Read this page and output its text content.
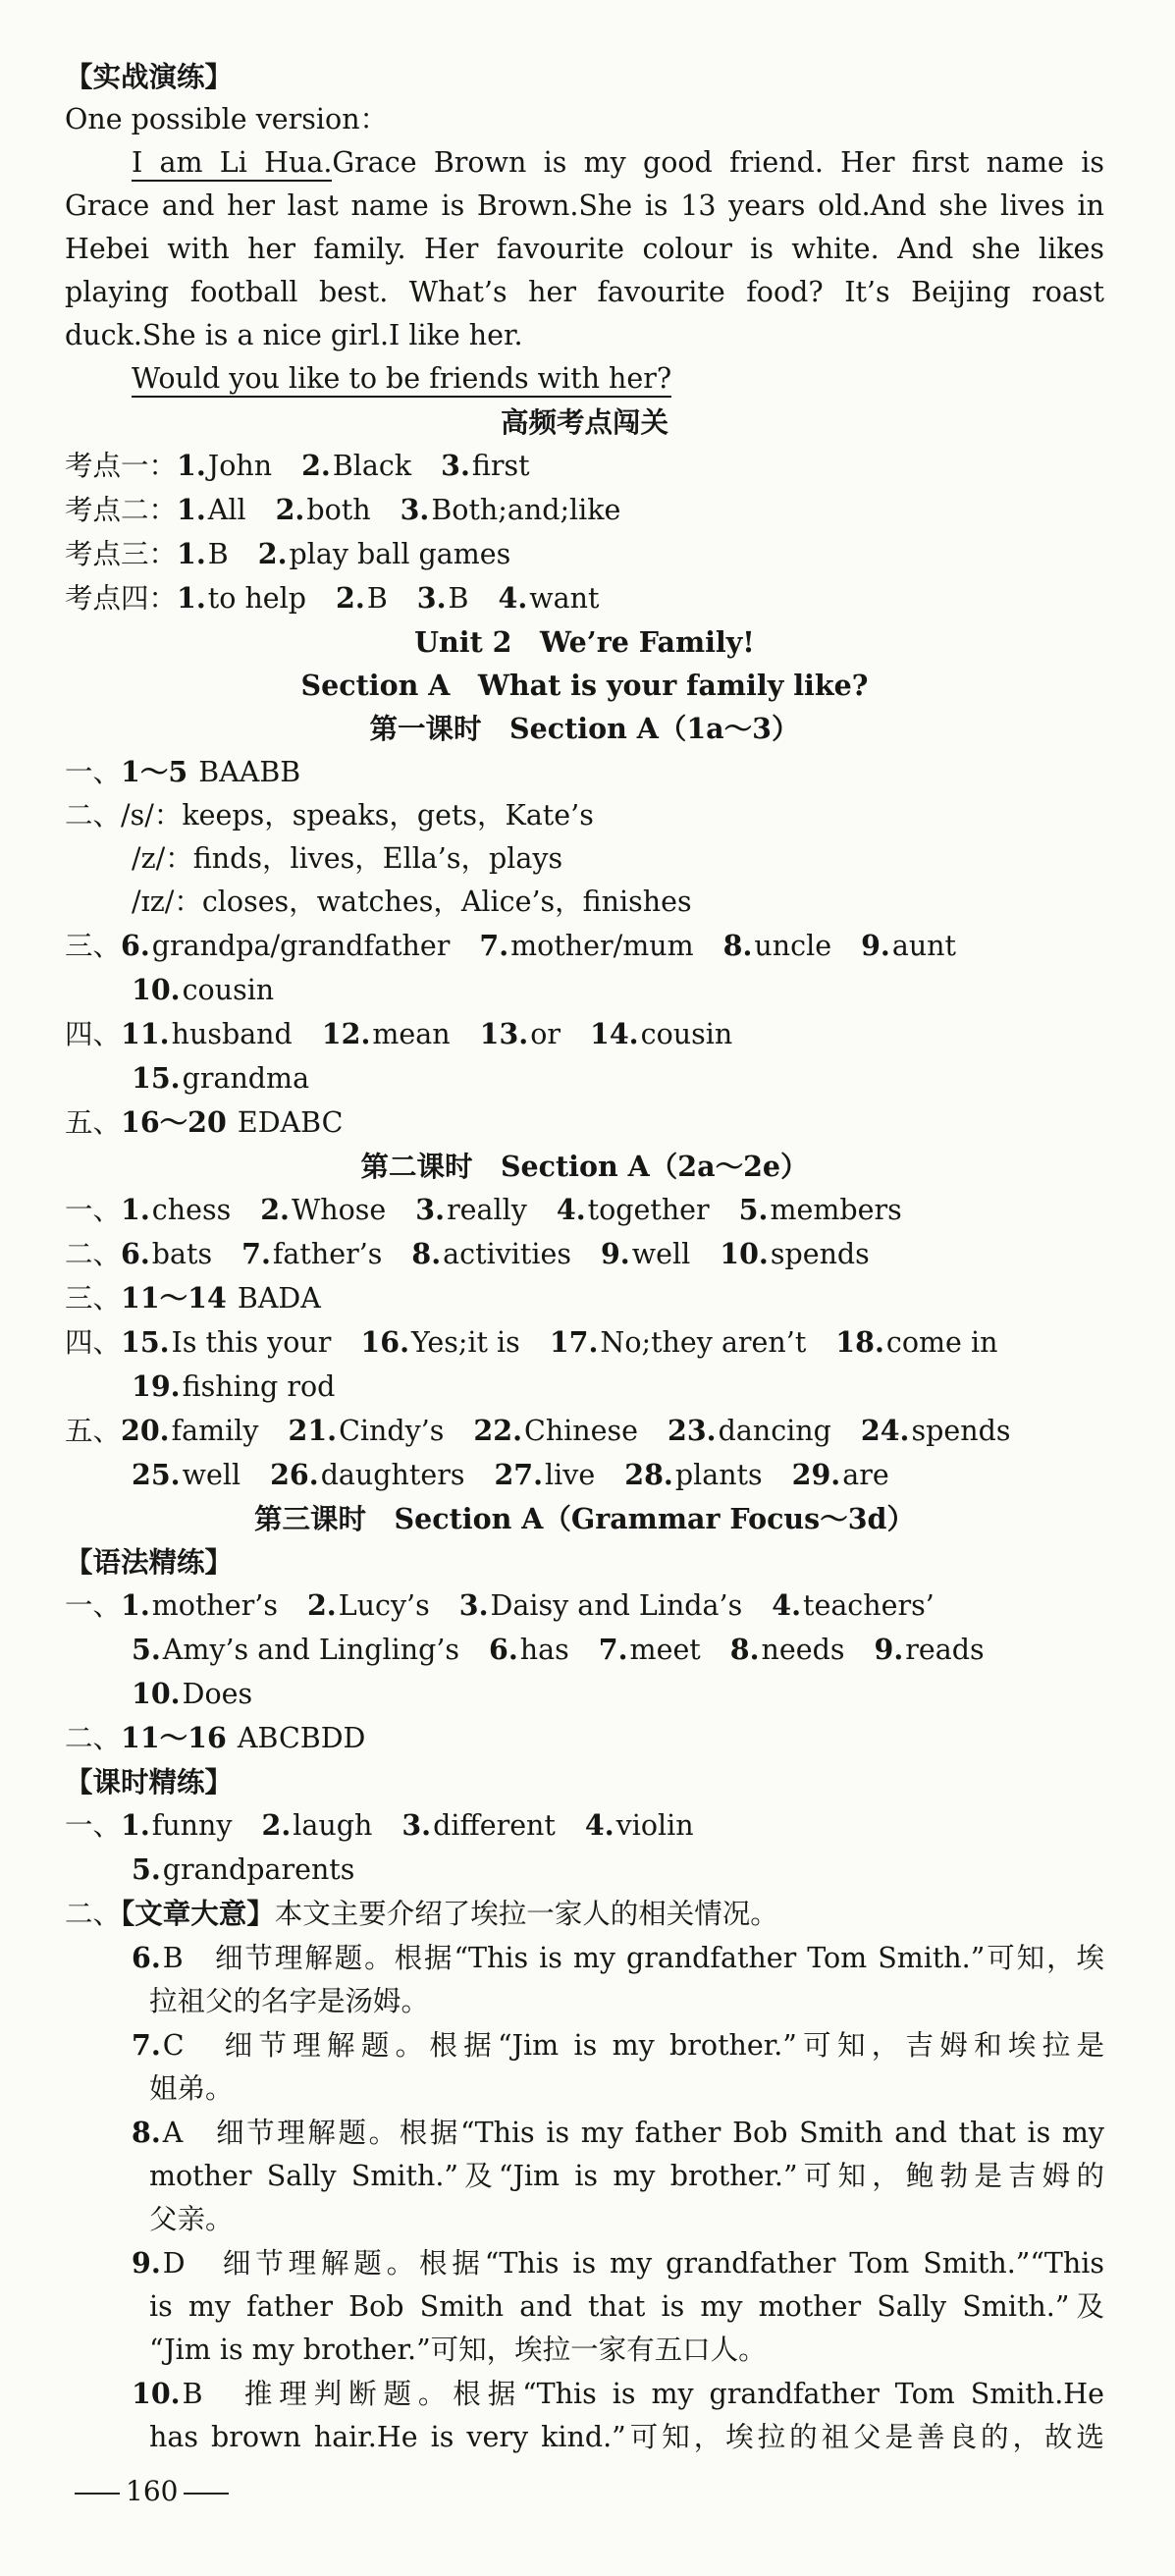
【实战演练】
One possible version：
I am Li Hua.Grace Brown is my good friend. Her first name is
Grace and her last name is Brown.She is 13 years old.And she lives in
Hebei with her family. Her favourite colour is white. And she likes
playing football best. What’s her favourite food? It’s Beijing roast
duck.She is a nice girl.I like her.
Would you like to be friends with her?
高频考点闯关
考点一：1.John 2.Black 3.first
考点二：1.All 2.both 3.Both;and;like
考点三：1.B 2.play ball games
考点四：1.to help 2.B 3.B 4.want
Unit 2　We’re Family!
Section A　What is your family like?
第一课时　Section A（1a～3）
一、1～5 BAABB
二、/s/：keeps，speaks，gets，Kate’s
/z/：finds，lives，Ella’s，plays
/ɪz/：closes，watches，Alice’s，finishes
三、6.grandpa/grandfather 7.mother/mum 8.uncle 9.aunt
10.cousin
四、11.husband 12.mean 13.or 14.cousin
15.grandma
五、16～20 EDABC
第二课时　Section A（2a～2e）
一、1.chess 2.Whose 3.really 4.together 5.members
二、6.bats 7.father’s 8.activities 9.well 10.spends
三、11～14 BADA
四、15.Is this your 16.Yes;it is 17.No;they aren’t 18.come in
19.fishing rod
五、20.family 21.Cindy’s 22.Chinese 23.dancing 24.spends
25.well 26.daughters 27.live 28.plants 29.are
第三课时　Section A（Grammar Focus～3d）
【语法精练】
一、1.mother’s 2.Lucy’s 3.Daisy and Linda’s 4.teachers’
5.Amy’s and Lingling’s 6.has 7.meet 8.needs 9.reads
10.Does
二、11～16 ABCBDD
【课时精练】
一、1.funny 2.laugh 3.different 4.violin
5.grandparents
二、【文章大意】本文主要介绍了埃拉一家人的相关情况。
6.B　细节理解题。根据“This is my grandfather Tom Smith.”可知，埃
拉祖父的名字是汤姆。
7.C　细节理解题。根据“Jim is my brother.”可知，吉姆和埃拉是
姐弟。
8.A　细节理解题。根据“This is my father Bob Smith and that is my
mother Sally Smith.”及“Jim is my brother.”可知，鲍勃是吉姆的
父亲。
9.D　细节理解题。根据“This is my grandfather Tom Smith.”“This
is my father Bob Smith and that is my mother Sally Smith.”及
“Jim is my brother.”可知，埃拉一家有五口人。
10.B　推理判断题。根据“This is my grandfather Tom Smith.He
has brown hair.He is very kind.”可知，埃拉的祖父是善良的，故选
160
